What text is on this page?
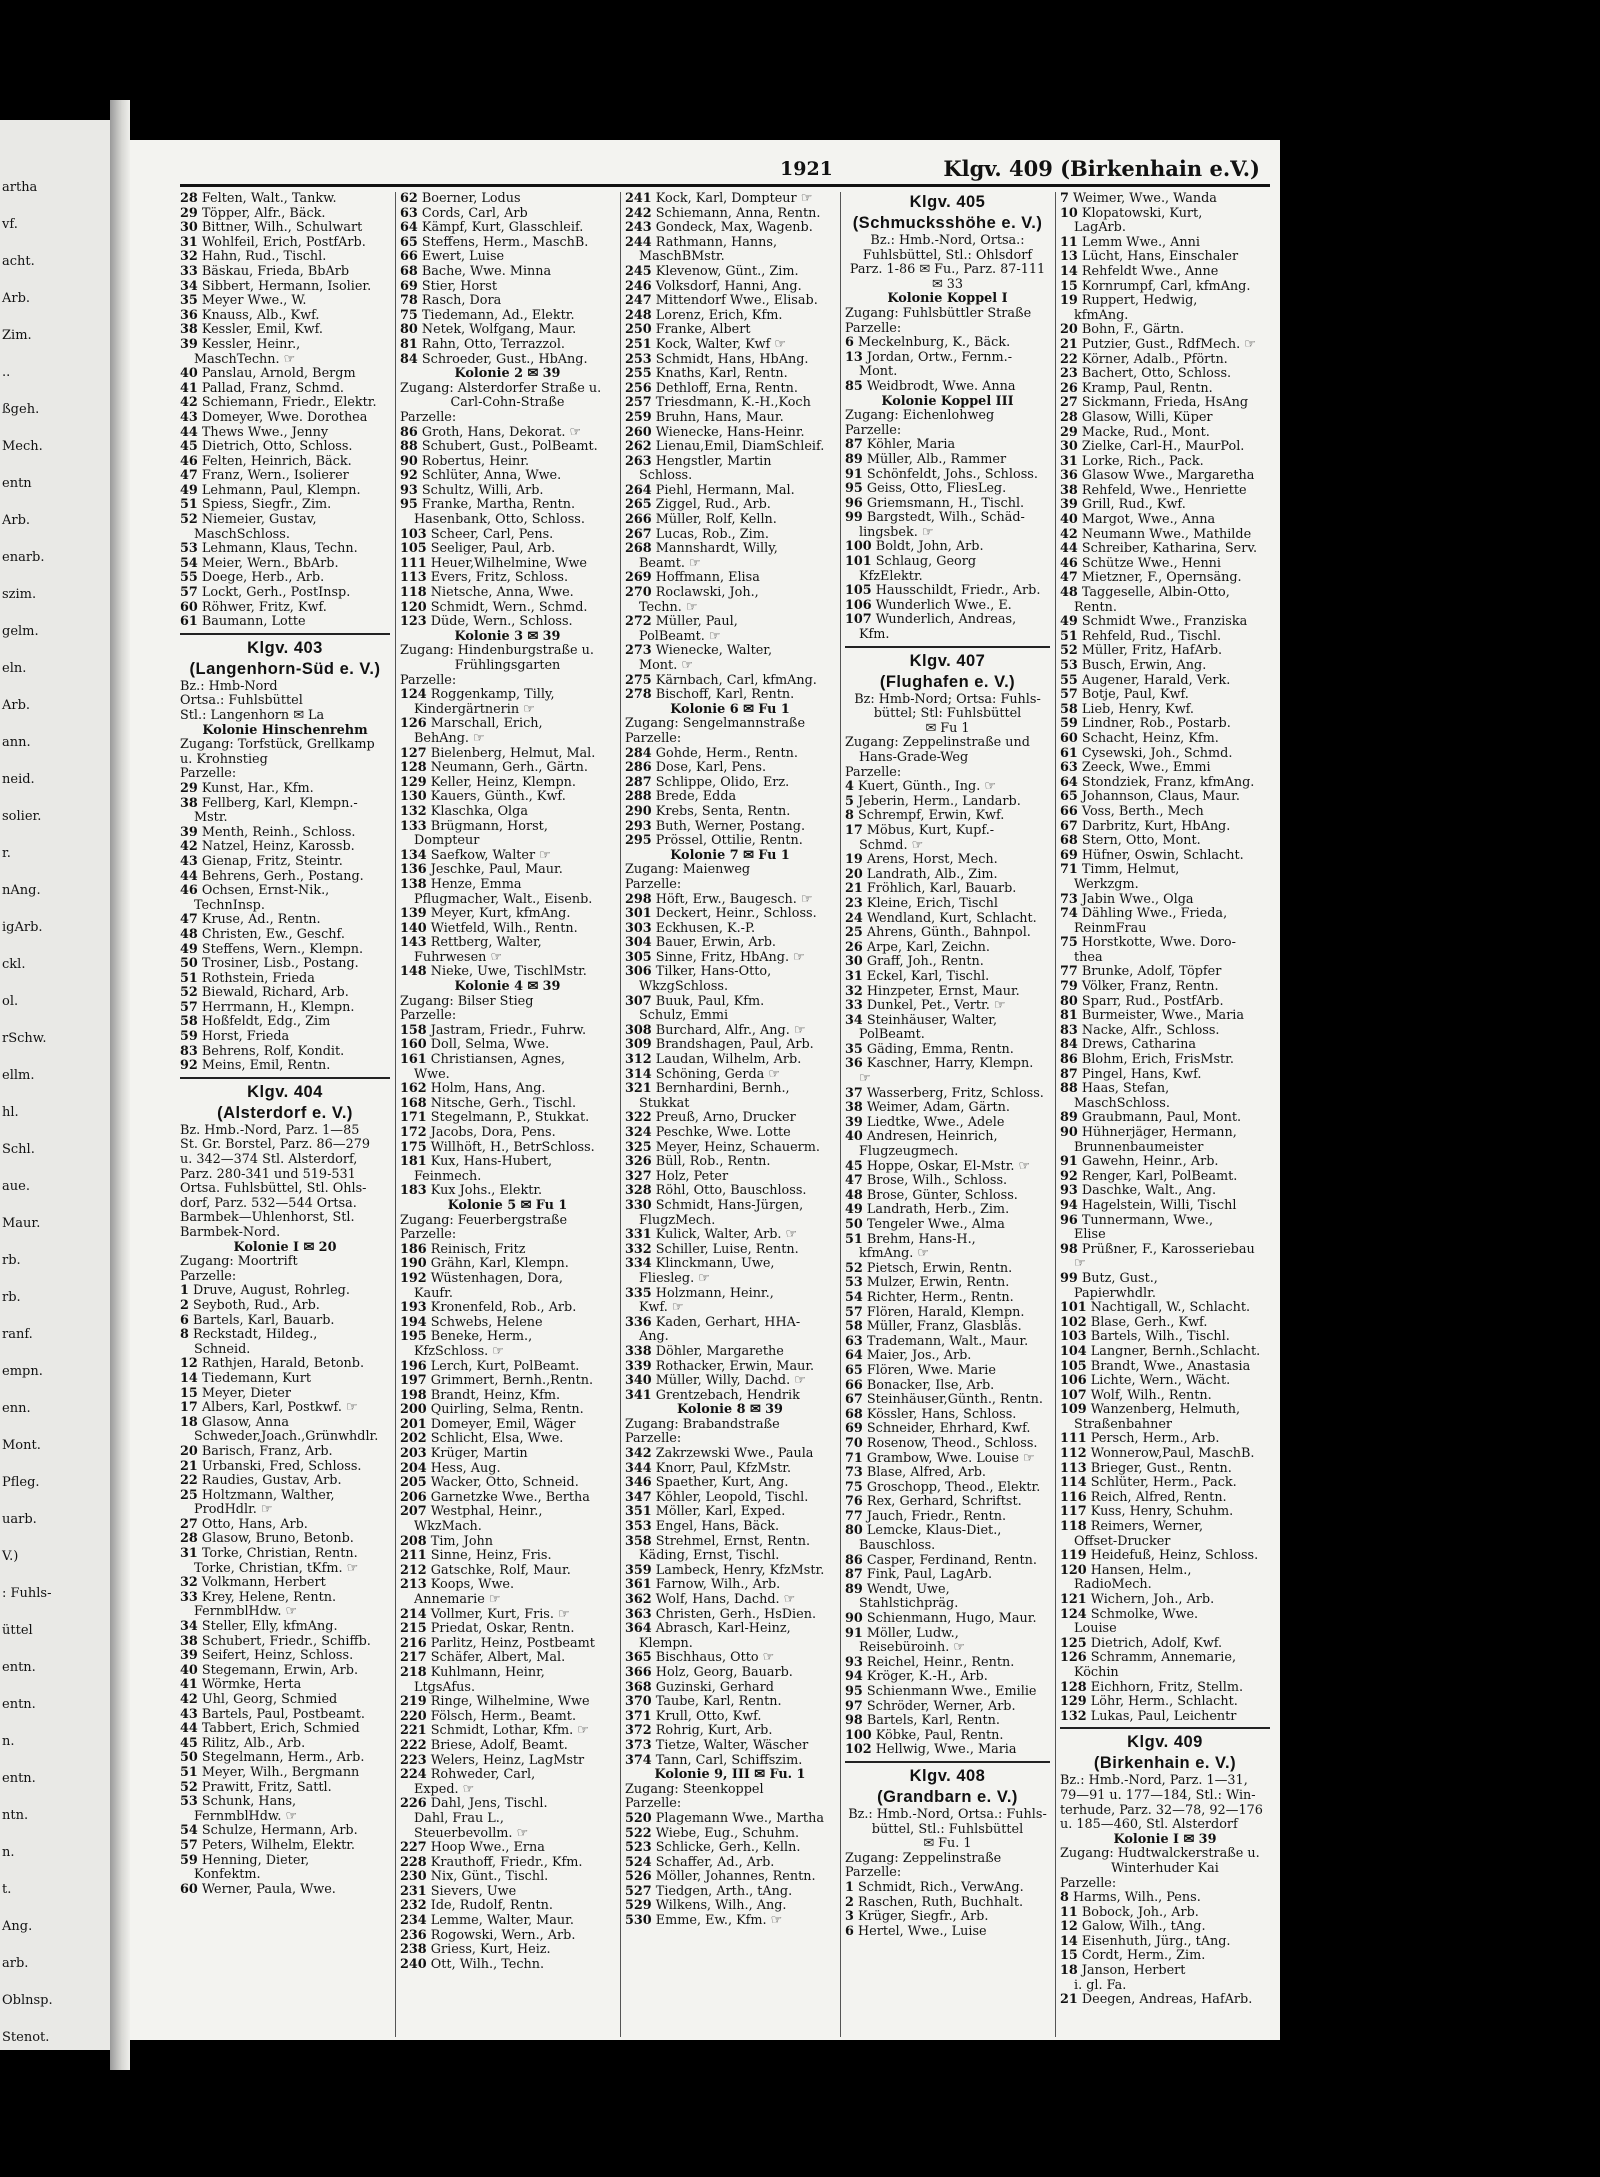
artha
vf.
acht.
Arb.
Zim.
..
ßgeh.
Mech.
entn
Arb.
enarb.
szim.
gelm.
eln.
Arb.
ann.
neid.
solier.
r.
nAng.
igArb.
ckl.
ol.
rSchw.
ellm.
hl.
Schl.
aue.
Maur.
rb.
rb.
ranf.
empn.
enn.
Mont.
Pfleg.
uarb.
V.)
: Fuhls-
üttel
entn.
entn.
n.
entn.
ntn.
n.
t.
Ang.
arb.
Oblnsp.
Stenot.
1921	Klgv. 409 (Birkenhain e.V.)
28 Felten, Walt., Tankw.
29 Töpper, Alfr., Bäck.
30 Bittner, Wilh., Schulwart
31 Wohlfeil, Erich, PostfArb.
32 Hahn, Rud., Tischl.
33 Bäskau, Frieda, BbArb
34 Sibbert, Hermann, Isolier.
35 Meyer Wwe., W.
36 Knauss, Alb., Kwf.
38 Kessler, Emil, Kwf.
39 Kessler, Heinr.,
MaschTechn. ☞
40 Panslau, Arnold, Bergm
41 Pallad, Franz, Schmd.
42 Schiemann, Friedr., Elektr.
43 Domeyer, Wwe. Dorothea
44 Thews Wwe., Jenny
45 Dietrich, Otto, Schloss.
46 Felten, Heinrich, Bäck.
47 Franz, Wern., Isolierer
49 Lehmann, Paul, Klempn.
51 Spiess, Siegfr., Zim.
52 Niemeier, Gustav,
MaschSchloss.
53 Lehmann, Klaus, Techn.
54 Meier, Wern., BbArb.
55 Doege, Herb., Arb.
57 Lockt, Gerh., PostInsp.
60 Röhwer, Fritz, Kwf.
61 Baumann, Lotte
Klgv. 403
(Langenhorn-Süd e. V.)
Bz.: Hmb-Nord
Ortsa.: Fuhlsbüttel
Stl.: Langenhorn ✉ La
Kolonie Hinschenrehm
Zugang: Torfstück, Grellkamp
u. Krohnstieg
Parzelle:
29 Kunst, Har., Kfm.
38 Fellberg, Karl, Klempn.-
Mstr.
39 Menth, Reinh., Schloss.
42 Natzel, Heinz, Karossb.
43 Gienap, Fritz, Steintr.
44 Behrens, Gerh., Postang.
46 Ochsen, Ernst-Nik.,
TechnInsp.
47 Kruse, Ad., Rentn.
48 Christen, Ew., Geschf.
49 Steffens, Wern., Klempn.
50 Trosiner, Lisb., Postang.
51 Rothstein, Frieda
52 Biewald, Richard, Arb.
57 Herrmann, H., Klempn.
58 Hoßfeldt, Edg., Zim
59 Horst, Frieda
83 Behrens, Rolf, Kondit.
92 Meins, Emil, Rentn.
Klgv. 404
(Alsterdorf e. V.)
Bz. Hmb.-Nord, Parz. 1—85
St. Gr. Borstel, Parz. 86—279
u. 342—374 Stl. Alsterdorf,
Parz. 280-341 und 519-531
Ortsa. Fuhlsbüttel, Stl. Ohls-
dorf, Parz. 532—544 Ortsa.
Barmbek—Uhlenhorst, Stl.
Barmbek-Nord.
Kolonie I ✉ 20
Zugang: Moortrift
Parzelle:
1 Druve, August, Rohrleg.
2 Seyboth, Rud., Arb.
6 Bartels, Karl, Bauarb.
8 Reckstadt, Hildeg.,
Schneid.
12 Rathjen, Harald, Betonb.
14 Tiedemann, Kurt
15 Meyer, Dieter
17 Albers, Karl, Postkwf. ☞
18 Glasow, Anna
Schweder,Joach.,Grünwhdlr.
20 Barisch, Franz, Arb.
21 Urbanski, Fred, Schloss.
22 Raudies, Gustav, Arb.
25 Holtzmann, Walther,
ProdHdlr. ☞
27 Otto, Hans, Arb.
28 Glasow, Bruno, Betonb.
31 Torke, Christian, Rentn.
Torke, Christian, tKfm. ☞
32 Volkmann, Herbert
33 Krey, Helene, Rentn.
FernmblHdw. ☞
34 Steller, Elly, kfmAng.
38 Schubert, Friedr., Schiffb.
39 Seifert, Heinz, Schloss.
40 Stegemann, Erwin, Arb.
41 Wörmke, Herta
42 Uhl, Georg, Schmied
43 Bartels, Paul, Postbeamt.
44 Tabbert, Erich, Schmied
45 Rilitz, Alb., Arb.
50 Stegelmann, Herm., Arb.
51 Meyer, Wilh., Bergmann
52 Prawitt, Fritz, Sattl.
53 Schunk, Hans,
FernmblHdw. ☞
54 Schulze, Hermann, Arb.
57 Peters, Wilhelm, Elektr.
59 Henning, Dieter,
Konfektm.
60 Werner, Paula, Wwe.
62 Boerner, Lodus
63 Cords, Carl, Arb
64 Kämpf, Kurt, Glasschleif.
65 Steffens, Herm., MaschB.
66 Ewert, Luise
68 Bache, Wwe. Minna
69 Stier, Horst
78 Rasch, Dora
75 Tiedemann, Ad., Elektr.
80 Netek, Wolfgang, Maur.
81 Rahn, Otto, Terrazzol.
84 Schroeder, Gust., HbAng.
Kolonie 2 ✉ 39
Zugang: Alsterdorfer Straße u.
Carl-Cohn-Straße
Parzelle:
86 Groth, Hans, Dekorat. ☞
88 Schubert, Gust., PolBeamt.
90 Robertus, Heinr.
92 Schlüter, Anna, Wwe.
93 Schultz, Willi, Arb.
95 Franke, Martha, Rentn.
Hasenbank, Otto, Schloss.
103 Scheer, Carl, Pens.
105 Seeliger, Paul, Arb.
111 Heuer,Wilhelmine, Wwe
113 Evers, Fritz, Schloss.
118 Nietsche, Anna, Wwe.
120 Schmidt, Wern., Schmd.
123 Düde, Wern., Schloss.
Kolonie 3 ✉ 39
Zugang: Hindenburgstraße u.
Frühlingsgarten
Parzelle:
124 Roggenkamp, Tilly,
Kindergärtnerin ☞
126 Marschall, Erich,
BehAng. ☞
127 Bielenberg, Helmut, Mal.
128 Neumann, Gerh., Gärtn.
129 Keller, Heinz, Klempn.
130 Kauers, Günth., Kwf.
132 Klaschka, Olga
133 Brügmann, Horst,
Dompteur
134 Saefkow, Walter ☞
136 Jeschke, Paul, Maur.
138 Henze, Emma
Pflugmacher, Walt., Eisenb.
139 Meyer, Kurt, kfmAng.
140 Wietfeld, Wilh., Rentn.
143 Rettberg, Walter,
Fuhrwesen ☞
148 Nieke, Uwe, TischlMstr.
Kolonie 4 ✉ 39
Zugang: Bilser Stieg
Parzelle:
158 Jastram, Friedr., Fuhrw.
160 Doll, Selma, Wwe.
161 Christiansen, Agnes,
Wwe.
162 Holm, Hans, Ang.
168 Nitsche, Gerh., Tischl.
171 Stegelmann, P., Stukkat.
172 Jacobs, Dora, Pens.
175 Willhöft, H., BetrSchloss.
181 Kux, Hans-Hubert,
Feinmech.
183 Kux Johs., Elektr.
Kolonie 5 ✉ Fu 1
Zugang: Feuerbergstraße
Parzelle:
186 Reinisch, Fritz
190 Grähn, Karl, Klempn.
192 Wüstenhagen, Dora,
Kaufr.
193 Kronenfeld, Rob., Arb.
194 Schwebs, Helene
195 Beneke, Herm.,
KfzSchloss. ☞
196 Lerch, Kurt, PolBeamt.
197 Grimmert, Bernh.,Rentn.
198 Brandt, Heinz, Kfm.
200 Quirling, Selma, Rentn.
201 Domeyer, Emil, Wäger
202 Schlicht, Elsa, Wwe.
203 Krüger, Martin
204 Hess, Aug.
205 Wacker, Otto, Schneid.
206 Garnetzke Wwe., Bertha
207 Westphal, Heinr.,
WkzMach.
208 Tim, John
211 Sinne, Heinz, Fris.
212 Gatschke, Rolf, Maur.
213 Koops, Wwe.
Annemarie ☞
214 Vollmer, Kurt, Fris. ☞
215 Priedat, Oskar, Rentn.
216 Parlitz, Heinz, Postbeamt
217 Schäfer, Albert, Mal.
218 Kuhlmann, Heinr,
LtgsAfus.
219 Ringe, Wilhelmine, Wwe
220 Fölsch, Herm., Beamt.
221 Schmidt, Lothar, Kfm. ☞
222 Briese, Adolf, Beamt.
223 Welers, Heinz, LagMstr
224 Rohweder, Carl,
Exped. ☞
226 Dahl, Jens, Tischl.
Dahl, Frau L.,
Steuerbevollm. ☞
227 Hoop Wwe., Erna
228 Krauthoff, Friedr., Kfm.
230 Nix, Günt., Tischl.
231 Sievers, Uwe
232 Ide, Rudolf, Rentn.
234 Lemme, Walter, Maur.
236 Rogowski, Wern., Arb.
238 Griess, Kurt, Heiz.
240 Ott, Wilh., Techn.
241 Kock, Karl, Dompteur ☞
242 Schiemann, Anna, Rentn.
243 Gondeck, Max, Wagenb.
244 Rathmann, Hanns,
MaschBMstr.
245 Klevenow, Günt., Zim.
246 Volksdorf, Hanni, Ang.
247 Mittendorf Wwe., Elisab.
248 Lorenz, Erich, Kfm.
250 Franke, Albert
251 Kock, Walter, Kwf ☞
253 Schmidt, Hans, HbAng.
255 Knaths, Karl, Rentn.
256 Dethloff, Erna, Rentn.
257 Triesdmann, K.-H.,Koch
259 Bruhn, Hans, Maur.
260 Wienecke, Hans-Heinr.
262 Lienau,Emil, DiamSchleif.
263 Hengstler, Martin
Schloss.
264 Piehl, Hermann, Mal.
265 Ziggel, Rud., Arb.
266 Müller, Rolf, Kelln.
267 Lucas, Rob., Zim.
268 Mannshardt, Willy,
Beamt. ☞
269 Hoffmann, Elisa
270 Roclawski, Joh.,
Techn. ☞
272 Müller, Paul,
PolBeamt. ☞
273 Wienecke, Walter,
Mont. ☞
275 Kärnbach, Carl, kfmAng.
278 Bischoff, Karl, Rentn.
Kolonie 6 ✉ Fu 1
Zugang: Sengelmannstraße
Parzelle:
284 Gohde, Herm., Rentn.
286 Dose, Karl, Pens.
287 Schlippe, Olido, Erz.
288 Brede, Edda
290 Krebs, Senta, Rentn.
293 Buth, Werner, Postang.
295 Prössel, Ottilie, Rentn.
Kolonie 7 ✉ Fu 1
Zugang: Maienweg
Parzelle:
298 Höft, Erw., Baugesch. ☞
301 Deckert, Heinr., Schloss.
303 Eckhusen, K.-P.
304 Bauer, Erwin, Arb.
305 Sinne, Fritz, HbAng. ☞
306 Tilker, Hans-Otto,
WkzgSchloss.
307 Buuk, Paul, Kfm.
Schulz, Emmi
308 Burchard, Alfr., Ang. ☞
309 Brandshagen, Paul, Arb.
312 Laudan, Wilhelm, Arb.
314 Schöning, Gerda ☞
321 Bernhardini, Bernh.,
Stukkat
322 Preuß, Arno, Drucker
324 Peschke, Wwe. Lotte
325 Meyer, Heinz, Schauerm.
326 Büll, Rob., Rentn.
327 Holz, Peter
328 Röhl, Otto, Bauschloss.
330 Schmidt, Hans-Jürgen,
FlugzMech.
331 Kulick, Walter, Arb. ☞
332 Schiller, Luise, Rentn.
334 Klinckmann, Uwe,
Fliesleg. ☞
335 Holzmann, Heinr.,
Kwf. ☞
336 Kaden, Gerhart, HHA-
Ang.
338 Döhler, Margarethe
339 Rothacker, Erwin, Maur.
340 Müller, Willy, Dachd. ☞
341 Grentzebach, Hendrik
Kolonie 8 ✉ 39
Zugang: Brabandstraße
Parzelle:
342 Zakrzewski Wwe., Paula
344 Knorr, Paul, KfzMstr.
346 Spaether, Kurt, Ang.
347 Köhler, Leopold, Tischl.
351 Möller, Karl, Exped.
353 Engel, Hans, Bäck.
358 Strehmel, Ernst, Rentn.
Käding, Ernst, Tischl.
359 Lambeck, Henry, KfzMstr.
361 Farnow, Wilh., Arb.
362 Wolf, Hans, Dachd. ☞
363 Christen, Gerh., HsDien.
364 Abrasch, Karl-Heinz,
Klempn.
365 Bischhaus, Otto ☞
366 Holz, Georg, Bauarb.
368 Guzinski, Gerhard
370 Taube, Karl, Rentn.
371 Krull, Otto, Kwf.
372 Rohrig, Kurt, Arb.
373 Tietze, Walter, Wäscher
374 Tann, Carl, Schiffszim.
Kolonie 9, III ✉ Fu. 1
Zugang: Steenkoppel
Parzelle:
520 Plagemann Wwe., Martha
522 Wiebe, Eug., Schuhm.
523 Schlicke, Gerh., Kelln.
524 Schaffer, Ad., Arb.
526 Möller, Johannes, Rentn.
527 Tiedgen, Arth., tAng.
529 Wilkens, Wilh., Ang.
530 Emme, Ew., Kfm. ☞
Klgv. 405
(Schmucksshöhe e. V.)
Bz.: Hmb.-Nord, Ortsa.:
Fuhlsbüttel, Stl.: Ohlsdorf
Parz. 1-86 ✉ Fu., Parz. 87-111
✉ 33
Kolonie Koppel I
Zugang: Fuhlsbüttler Straße
Parzelle:
6 Meckelnburg, K., Bäck.
13 Jordan, Ortw., Fernm.-
Mont.
85 Weidbrodt, Wwe. Anna
Kolonie Koppel III
Zugang: Eichenlohweg
Parzelle:
87 Köhler, Maria
89 Müller, Alb., Rammer
91 Schönfeldt, Johs., Schloss.
95 Geiss, Otto, FliesLeg.
96 Griemsmann, H., Tischl.
99 Bargstedt, Wilh., Schäd-
lingsbek. ☞
100 Boldt, John, Arb.
101 Schlaug, Georg
KfzElektr.
105 Hausschildt, Friedr., Arb.
106 Wunderlich Wwe., E.
107 Wunderlich, Andreas,
Kfm.
Klgv. 407
(Flughafen e. V.)
Bz: Hmb-Nord; Ortsa: Fuhls-
büttel; Stl: Fuhlsbüttel
✉ Fu 1
Zugang: Zeppelinstraße und
Hans-Grade-Weg
Parzelle:
4 Kuert, Günth., Ing. ☞
5 Jeberin, Herm., Landarb.
8 Schrempf, Erwin, Kwf.
17 Möbus, Kurt, Kupf.-
Schmd. ☞
19 Arens, Horst, Mech.
20 Landrath, Alb., Zim.
21 Fröhlich, Karl, Bauarb.
23 Kleine, Erich, Tischl
24 Wendland, Kurt, Schlacht.
25 Ahrens, Günth., Bahnpol.
26 Arpe, Karl, Zeichn.
30 Graff, Joh., Rentn.
31 Eckel, Karl, Tischl.
32 Hinzpeter, Ernst, Maur.
33 Dunkel, Pet., Vertr. ☞
34 Steinhäuser, Walter,
PolBeamt.
35 Gäding, Emma, Rentn.
36 Kaschner, Harry, Klempn.
☞
37 Wasserberg, Fritz, Schloss.
38 Weimer, Adam, Gärtn.
39 Liedtke, Wwe., Adele
40 Andresen, Heinrich,
Flugzeugmech.
45 Hoppe, Oskar, El-Mstr. ☞
47 Brose, Wilh., Schloss.
48 Brose, Günter, Schloss.
49 Landrath, Herb., Zim.
50 Tengeler Wwe., Alma
51 Brehm, Hans-H.,
kfmAng. ☞
52 Pietsch, Erwin, Rentn.
53 Mulzer, Erwin, Rentn.
54 Richter, Herm., Rentn.
57 Flören, Harald, Klempn.
58 Müller, Franz, Glasbläs.
63 Trademann, Walt., Maur.
64 Maier, Jos., Arb.
65 Flören, Wwe. Marie
66 Bonacker, Ilse, Arb.
67 Steinhäuser,Günth., Rentn.
68 Kössler, Hans, Schloss.
69 Schneider, Ehrhard, Kwf.
70 Rosenow, Theod., Schloss.
71 Grambow, Wwe. Louise ☞
73 Blase, Alfred, Arb.
75 Groschopp, Theod., Elektr.
76 Rex, Gerhard, Schriftst.
77 Jauch, Friedr., Rentn.
80 Lemcke, Klaus-Diet.,
Bauschloss.
86 Casper, Ferdinand, Rentn.
87 Fink, Paul, LagArb.
89 Wendt, Uwe,
Stahlstichpräg.
90 Schienmann, Hugo, Maur.
91 Möller, Ludw.,
Reisebüroinh. ☞
93 Reichel, Heinr., Rentn.
94 Kröger, K.-H., Arb.
95 Schienmann Wwe., Emilie
97 Schröder, Werner, Arb.
98 Bartels, Karl, Rentn.
100 Köbke, Paul, Rentn.
102 Hellwig, Wwe., Maria
Klgv. 408
(Grandbarn e. V.)
Bz.: Hmb.-Nord, Ortsa.: Fuhls-
büttel, Stl.: Fuhlsbüttel
✉ Fu. 1
Zugang: Zeppelinstraße
Parzelle:
1 Schmidt, Rich., VerwAng.
2 Raschen, Ruth, Buchhalt.
3 Krüger, Siegfr., Arb.
6 Hertel, Wwe., Luise
7 Weimer, Wwe., Wanda
10 Klopatowski, Kurt,
LagArb.
11 Lemm Wwe., Anni
13 Lücht, Hans, Einschaler
14 Rehfeldt Wwe., Anne
15 Kornrumpf, Carl, kfmAng.
19 Ruppert, Hedwig,
kfmAng.
20 Bohn, F., Gärtn.
21 Putzier, Gust., RdfMech. ☞
22 Körner, Adalb., Pförtn.
23 Bachert, Otto, Schloss.
26 Kramp, Paul, Rentn.
27 Sickmann, Frieda, HsAng
28 Glasow, Willi, Küper
29 Macke, Rud., Mont.
30 Zielke, Carl-H., MaurPol.
31 Lorke, Rich., Pack.
36 Glasow Wwe., Margaretha
38 Rehfeld, Wwe., Henriette
39 Grill, Rud., Kwf.
40 Margot, Wwe., Anna
42 Neumann Wwe., Mathilde
44 Schreiber, Katharina, Serv.
46 Schütze Wwe., Henni
47 Mietzner, F., Opernsäng.
48 Taggeselle, Albin-Otto,
Rentn.
49 Schmidt Wwe., Franziska
51 Rehfeld, Rud., Tischl.
52 Müller, Fritz, HafArb.
53 Busch, Erwin, Ang.
55 Augener, Harald, Verk.
57 Botje, Paul, Kwf.
58 Lieb, Henry, Kwf.
59 Lindner, Rob., Postarb.
60 Schacht, Heinz, Kfm.
61 Cysewski, Joh., Schmd.
63 Zeeck, Wwe., Emmi
64 Stondziek, Franz, kfmAng.
65 Johannson, Claus, Maur.
66 Voss, Berth., Mech
67 Darbritz, Kurt, HbAng.
68 Stern, Otto, Mont.
69 Hüfner, Oswin, Schlacht.
71 Timm, Helmut,
Werkzgm.
73 Jabin Wwe., Olga
74 Dähling Wwe., Frieda,
ReinmFrau
75 Horstkotte, Wwe. Doro-
thea
77 Brunke, Adolf, Töpfer
79 Völker, Franz, Rentn.
80 Sparr, Rud., PostfArb.
81 Burmeister, Wwe., Maria
83 Nacke, Alfr., Schloss.
84 Drews, Catharina
86 Blohm, Erich, FrisMstr.
87 Pingel, Hans, Kwf.
88 Haas, Stefan,
MaschSchloss.
89 Graubmann, Paul, Mont.
90 Hühnerjäger, Hermann,
Brunnenbaumeister
91 Gawehn, Heinr., Arb.
92 Renger, Karl, PolBeamt.
93 Daschke, Walt., Ang.
94 Hagelstein, Willi, Tischl
96 Tunnermann, Wwe.,
Elise
98 Prüßner, F., Karosseriebau
☞
99 Butz, Gust.,
Papierwhdlr.
101 Nachtigall, W., Schlacht.
102 Blase, Gerh., Kwf.
103 Bartels, Wilh., Tischl.
104 Langner, Bernh.,Schlacht.
105 Brandt, Wwe., Anastasia
106 Lichte, Wern., Wächt.
107 Wolf, Wilh., Rentn.
109 Wanzenberg, Helmuth,
Straßenbahner
111 Persch, Herm., Arb.
112 Wonnerow,Paul, MaschB.
113 Brieger, Gust., Rentn.
114 Schlüter, Herm., Pack.
116 Reich, Alfred, Rentn.
117 Kuss, Henry, Schuhm.
118 Reimers, Werner,
Offset-Drucker
119 Heidefuß, Heinz, Schloss.
120 Hansen, Helm.,
RadioMech.
121 Wichern, Joh., Arb.
124 Schmolke, Wwe.
Louise
125 Dietrich, Adolf, Kwf.
126 Schramm, Annemarie,
Köchin
128 Eichhorn, Fritz, Stellm.
129 Löhr, Herm., Schlacht.
132 Lukas, Paul, Leichentr
Klgv. 409
(Birkenhain e. V.)
Bz.: Hmb.-Nord, Parz. 1—31,
79—91 u. 177—184, Stl.: Win-
terhude, Parz. 32—78, 92—176
u. 185—460, Stl. Alsterdorf
Kolonie I ✉ 39
Zugang: Hudtwalckerstraße u.
Winterhuder Kai
Parzelle:
8 Harms, Wilh., Pens.
11 Bobock, Joh., Arb.
12 Galow, Wilh., tAng.
14 Eisenhuth, Jürg., tAng.
15 Cordt, Herm., Zim.
18 Janson, Herbert
i. gl. Fa.
21 Deegen, Andreas, HafArb.
